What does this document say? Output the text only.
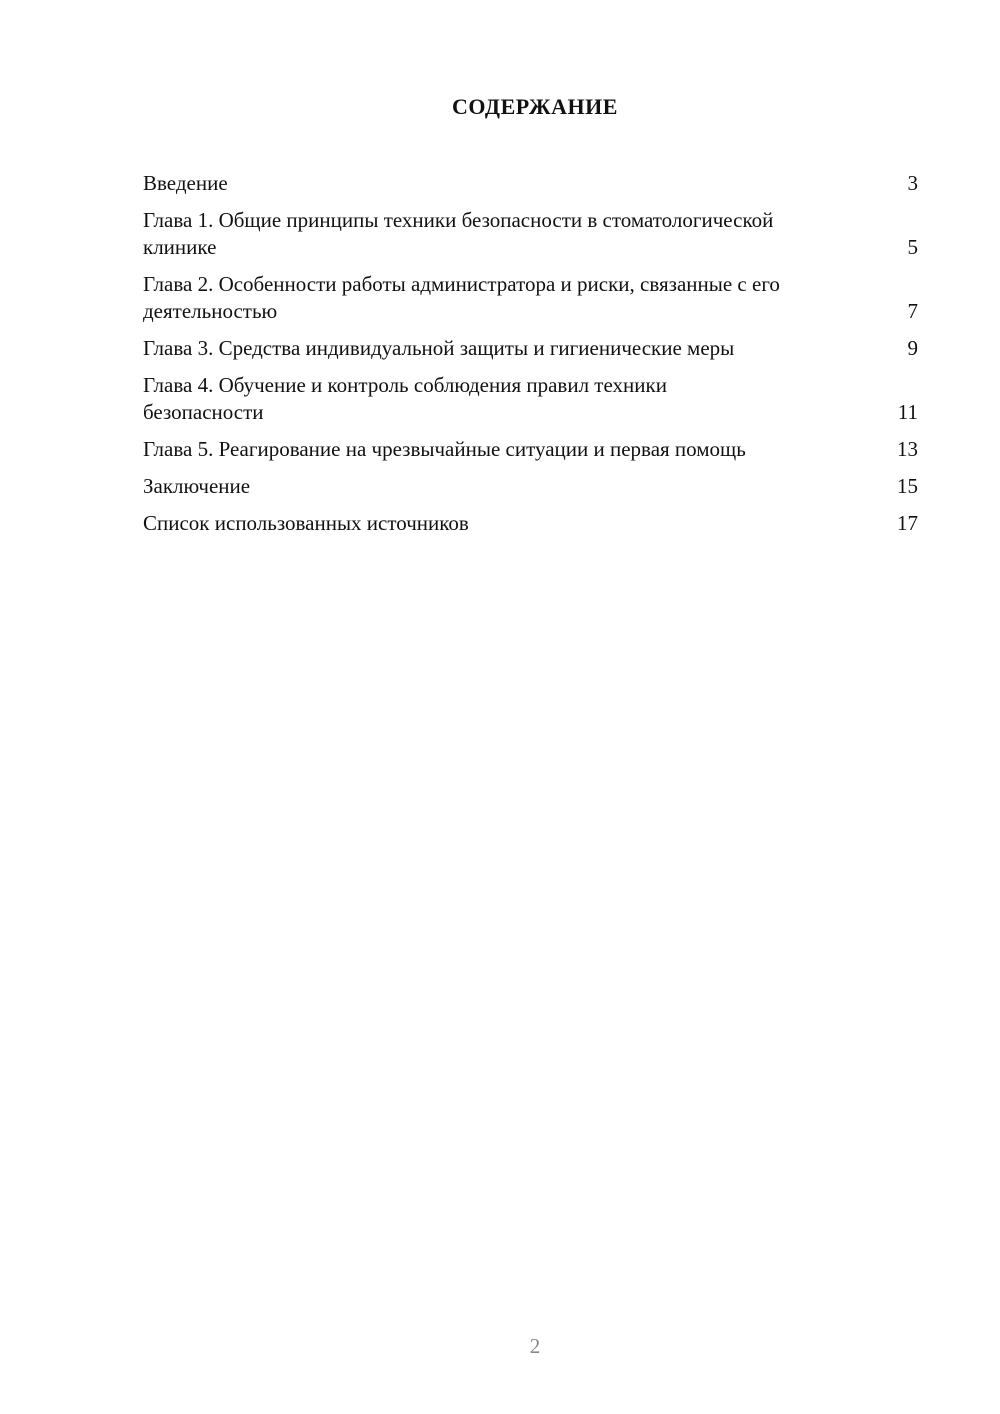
СОДЕРЖАНИЕ
Введение	3
Глава 1. Общие принципы техники безопасности в стоматологической клинике	5
Глава 2. Особенности работы администратора и риски, связанные с его деятельностью	7
Глава 3. Средства индивидуальной защиты и гигиенические меры	9
Глава 4. Обучение и контроль соблюдения правил техники безопасности	11
Глава 5. Реагирование на чрезвычайные ситуации и первая помощь	13
Заключение	15
Список использованных источников	17
2
